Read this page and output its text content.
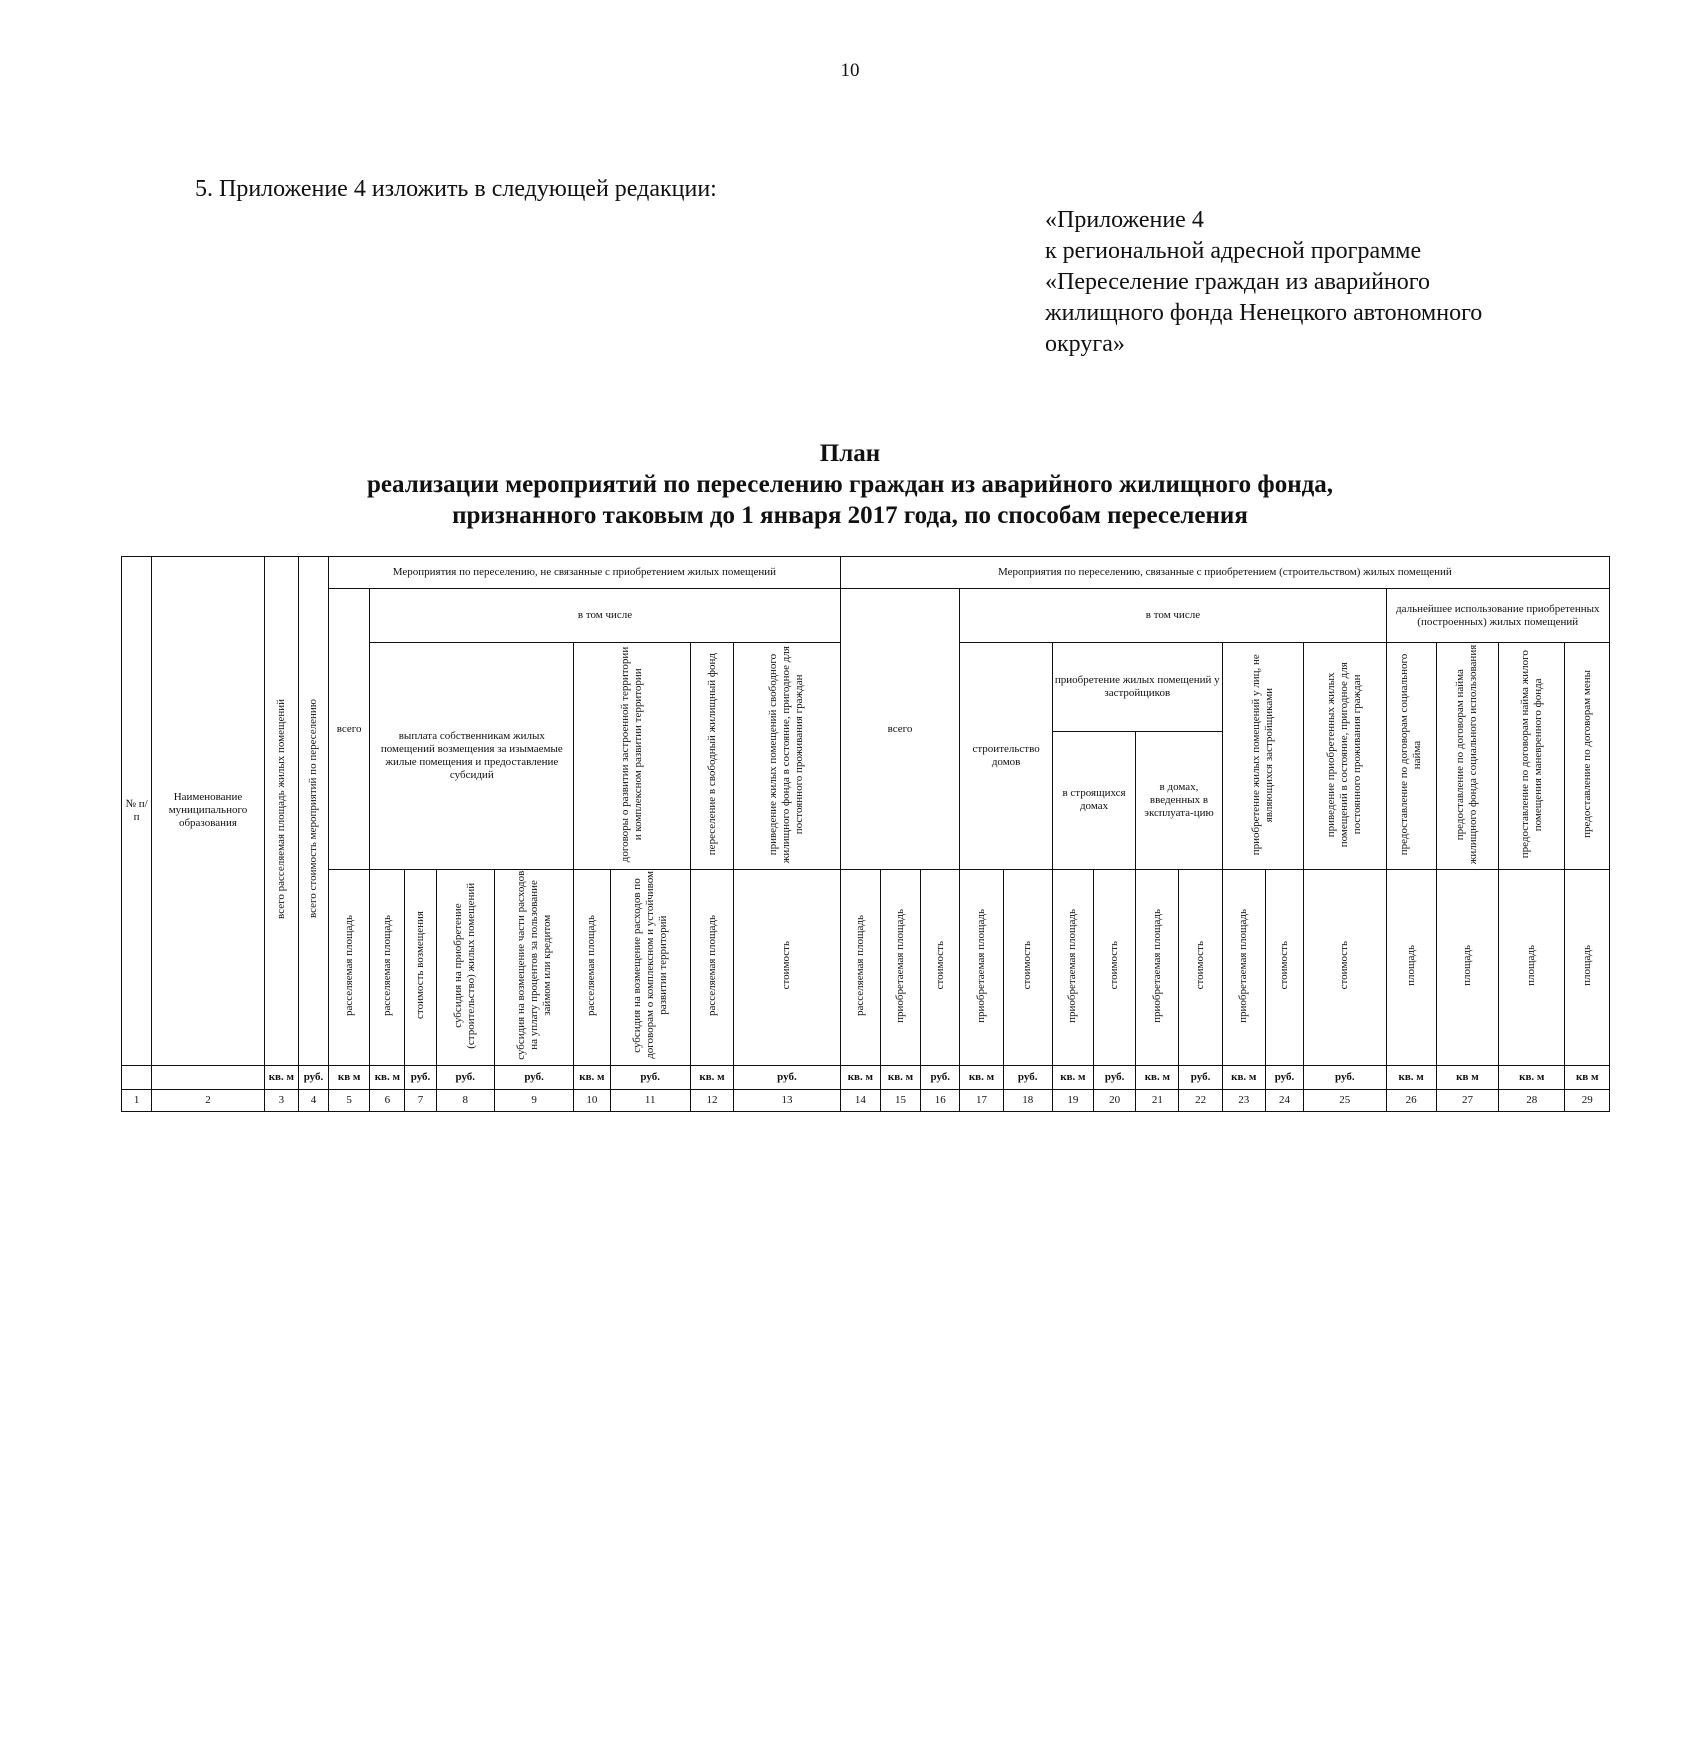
10
5. Приложение 4 изложить в следующей редакции:
«Приложение 4
к региональной адресной программе
«Переселение граждан из аварийного
жилищного фонда Ненецкого автономного
округа»
План
реализации мероприятий по переселению граждан из аварийного жилищного фонда,
признанного таковым до 1 января 2017 года, по способам переселения
№ п/п	Наименование муниципального образования	всего расселяемая площадь жилых помещений	всего стоимость мероприятий по переселению	Мероприятия по переселению, не связанные с приобретением жилых помещений									Мероприятия по переселению, связанные с приобретением (строительством) жилых помещений															
				всего	в том числе								всего			в том числе									дальнейшее использование приобретенных (построенных) жилых помещений			
					выплата собственникам жилых помещений возмещения за изымаемые жилые помещения и предоставление субсидий				договоры о развитии застроенной территории и комплексном развитии территории		переселение в свободный жилищный фонд	приведение жилых помещений свободного жилищного фонда в состояние, пригодное для постоянного проживания граждан				строительство домов		приобретение жилых помещений у застройщиков				приобретение жилых помещений у лиц, не являющихся застройщиками		приведение приобретенных жилых помещений в состояние, пригодное для постоянного проживания граждан	предоставление по договорам социального найма	предоставление по договорам найма жилищного фонда социального использования	предоставление по договорам найма жилого помещения маневренного фонда	предоставление по договорам мены
																		в строящихся домах		в домах, введенных в эксплуата-цию								
				расселяемая площадь	расселяемая площадь	стоимость возмещения	субсидия на приобретение (строительство) жилых помещений	субсидия на возмещение части расходов на уплату процентов за пользование займом или кредитом	расселяемая площадь	субсидия на возмещение расходов по договорам о комплексном и устойчивом развитии территорий	расселяемая площадь	стоимость	расселяемая площадь	приобретаемая площадь	стоимость	приобретаемая площадь	стоимость	приобретаемая площадь	стоимость	приобретаемая площадь	стоимость	приобретаемая площадь	стоимость	стоимость	площадь	площадь	площадь	площадь
		кв. м	руб.	кв м	кв. м	руб.	руб.	руб.	кв. м	руб.	кв. м	руб.	кв. м	кв. м	руб.	кв. м	руб.	кв. м	руб.	кв. м	руб.	кв. м	руб.	руб.	кв. м	кв м	кв. м	кв м
1	2	3	4	5	6	7	8	9	10	11	12	13	14	15	16	17	18	19	20	21	22	23	24	25	26	27	28	29
